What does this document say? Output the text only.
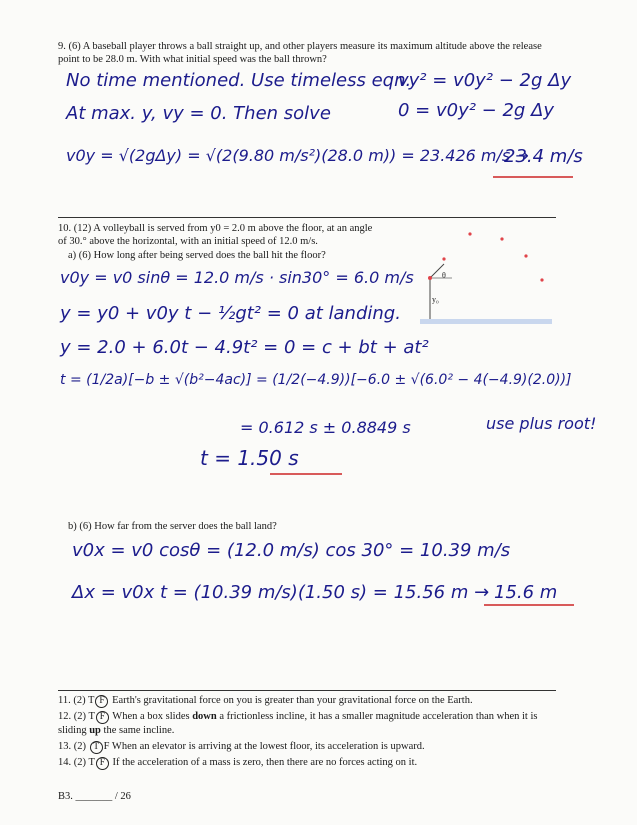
9. (6) A baseball player throws a ball straight up, and other players measure its maximum altitude above the release point to be 28.0 m. With what initial speed was the ball thrown?
No time mentioned. Use timeless eqn.
vy² = v0y² − 2g Δy
At max. y, vy = 0. Then solve	0 = v0y² − 2g Δy
v0y = √(2gΔy) = √(2(9.80 m/s²)(28.0 m)) = 23.426 m/s →
23.4 m/s
10. (12) A volleyball is served from y0 = 2.0 m above the floor, at an angle
of 30.° above the horizontal, with an initial speed of 12.0 m/s.
a) (6) How long after being served does the ball hit the floor?
θ
y₀
v0y = v0 sinθ = 12.0 m/s · sin30° = 6.0 m/s
y = y0 + v0y t − ½gt² = 0 at landing.
y = 2.0 + 6.0t − 4.9t² = 0 = c + bt + at²
t = (1/2a)[−b ± √(b²−4ac)] = (1/2(−4.9))[−6.0 ± √(6.0² − 4(−4.9)(2.0))]
= 0.612 s ± 0.8849 s	use plus root!
t = 1.50 s
b) (6) How far from the server does the ball land?
v0x = v0 cosθ = (12.0 m/s) cos 30° = 10.39 m/s
Δx = v0x t = (10.39 m/s)(1.50 s) = 15.56 m → 15.6 m
11. (2) T F Earth's gravitational force on you is greater than your gravitational force on the Earth.
12. (2) T F When a box slides down a frictionless incline, it has a smaller magnitude acceleration than when it is sliding up the same incline.
13. (2) T F When an elevator is arriving at the lowest floor, its acceleration is upward.
14. (2) T F If the acceleration of a mass is zero, then there are no forces acting on it.
B3. _______ / 26
